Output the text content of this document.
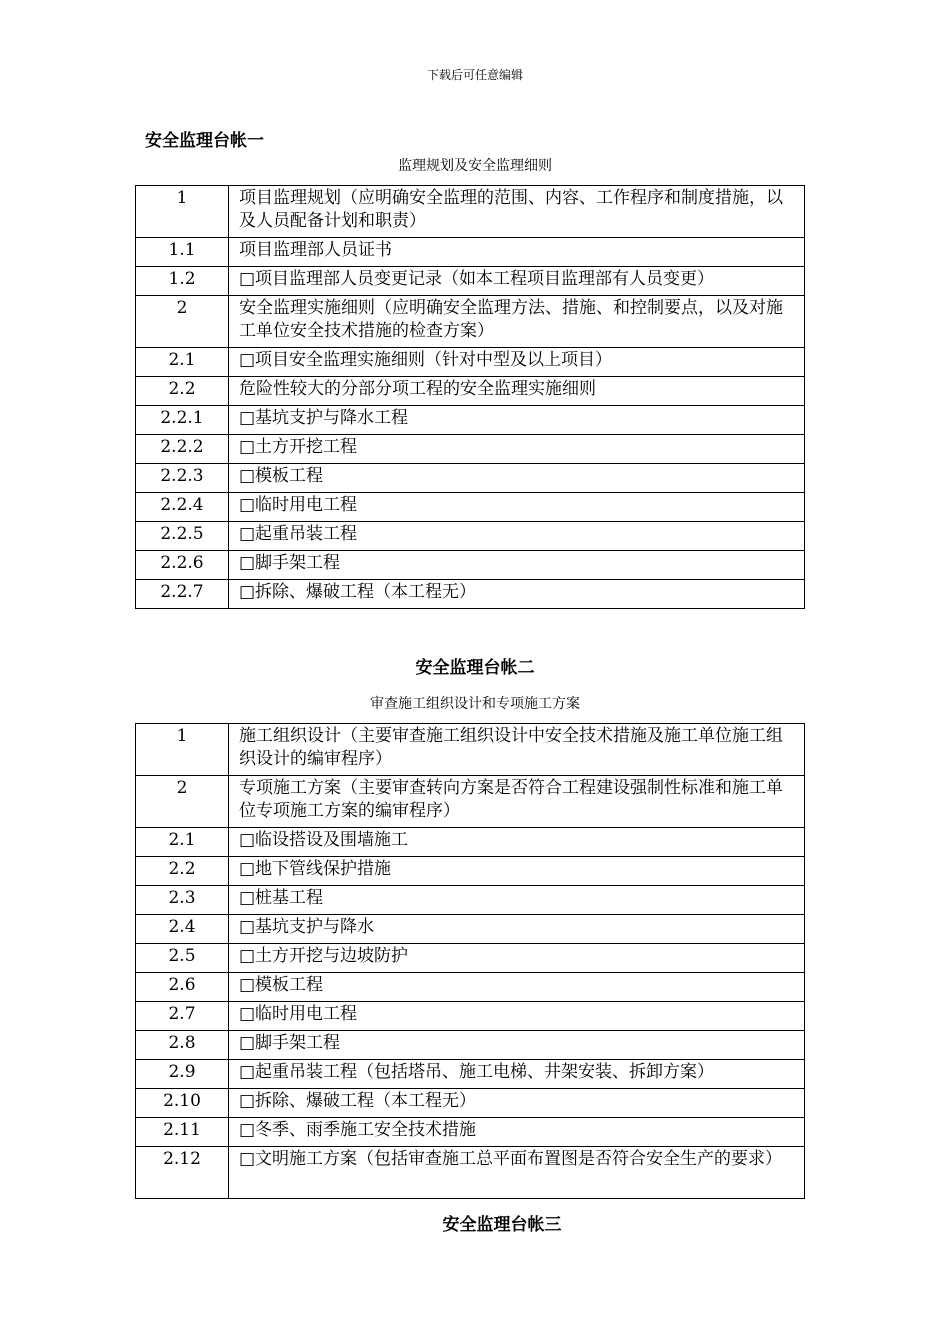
下载后可任意编辑
安全监理台帐一
监理规划及安全监理细则
1	项目监理规划（应明确安全监理的范围、内容、工作程序和制度措施，以及人员配备计划和职责）
1.1	项目监理部人员证书
1.2	□项目监理部人员变更记录（如本工程项目监理部有人员变更）
2	安全监理实施细则（应明确安全监理方法、措施、和控制要点，以及对施工单位安全技术措施的检查方案）
2.1	□项目安全监理实施细则（针对中型及以上项目）
2.2	危险性较大的分部分项工程的安全监理实施细则
2.2.1	□基坑支护与降水工程
2.2.2	□土方开挖工程
2.2.3	□模板工程
2.2.4	□临时用电工程
2.2.5	□起重吊装工程
2.2.6	□脚手架工程
2.2.7	□拆除、爆破工程（本工程无）
安全监理台帐二
审查施工组织设计和专项施工方案
1	施工组织设计（主要审查施工组织设计中安全技术措施及施工单位施工组织设计的编审程序）
2	专项施工方案（主要审查转向方案是否符合工程建设强制性标准和施工单位专项施工方案的编审程序）
2.1	□临设搭设及围墙施工
2.2	□地下管线保护措施
2.3	□桩基工程
2.4	□基坑支护与降水
2.5	□土方开挖与边坡防护
2.6	□模板工程
2.7	□临时用电工程
2.8	□脚手架工程
2.9	□起重吊装工程（包括塔吊、施工电梯、井架安装、拆卸方案）
2.10	□拆除、爆破工程（本工程无）
2.11	□冬季、雨季施工安全技术措施
2.12	□文明施工方案（包括审查施工总平面布置图是否符合安全生产的要求）
安全监理台帐三
